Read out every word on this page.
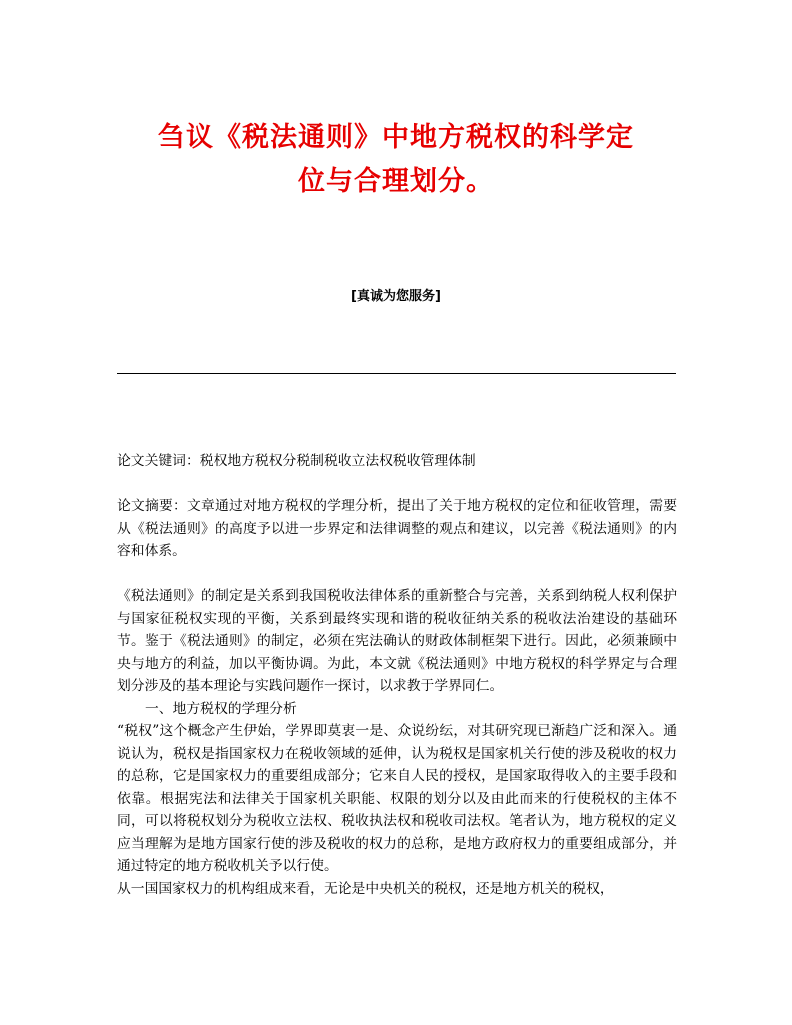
刍议《税法通则》中地方税权的科学定
位与合理划分。
[真诚为您服务]

论文关键词：税权地方税权分税制税收立法权税收管理体制

论文摘要：文章通过对地方税权的学理分析，提出了关于地方税权的定位和征收管理，需要从《税法通则》的高度予以进一步界定和法律调整的观点和建议，以完善《税法通则》的内容和体系。

《税法通则》的制定是关系到我国税收法律体系的重新整合与完善，关系到纳税人权利保护与国家征税权实现的平衡，关系到最终实现和谐的税收征纳关系的税收法治建设的基础环节。鉴于《税法通则》的制定，必须在宪法确认的财政体制框架下进行。因此，必须兼顾中央与地方的利益，加以平衡协调。为此，本文就《税法通则》中地方税权的科学界定与合理划分涉及的基本理论与实践问题作一探讨，以求教于学界同仁。

一、地方税权的学理分析

“税权”这个概念产生伊始，学界即莫衷一是、众说纷纭，对其研究现已渐趋广泛和深入。通说认为，税权是指国家权力在税收领域的延伸，认为税权是国家机关行使的涉及税收的权力的总称，它是国家权力的重要组成部分；它来自人民的授权，是国家取得收入的主要手段和依靠。根据宪法和法律关于国家机关职能、权限的划分以及由此而来的行使税权的主体不同，可以将税权划分为税收立法权、税收执法权和税收司法权。笔者认为，地方税权的定义应当理解为是地方国家行使的涉及税收的权力的总称，是地方政府权力的重要组成部分，并通过特定的地方税收机关予以行使。

从一国国家权力的机构组成来看，无论是中央机关的税权，还是地方机关的税权，
